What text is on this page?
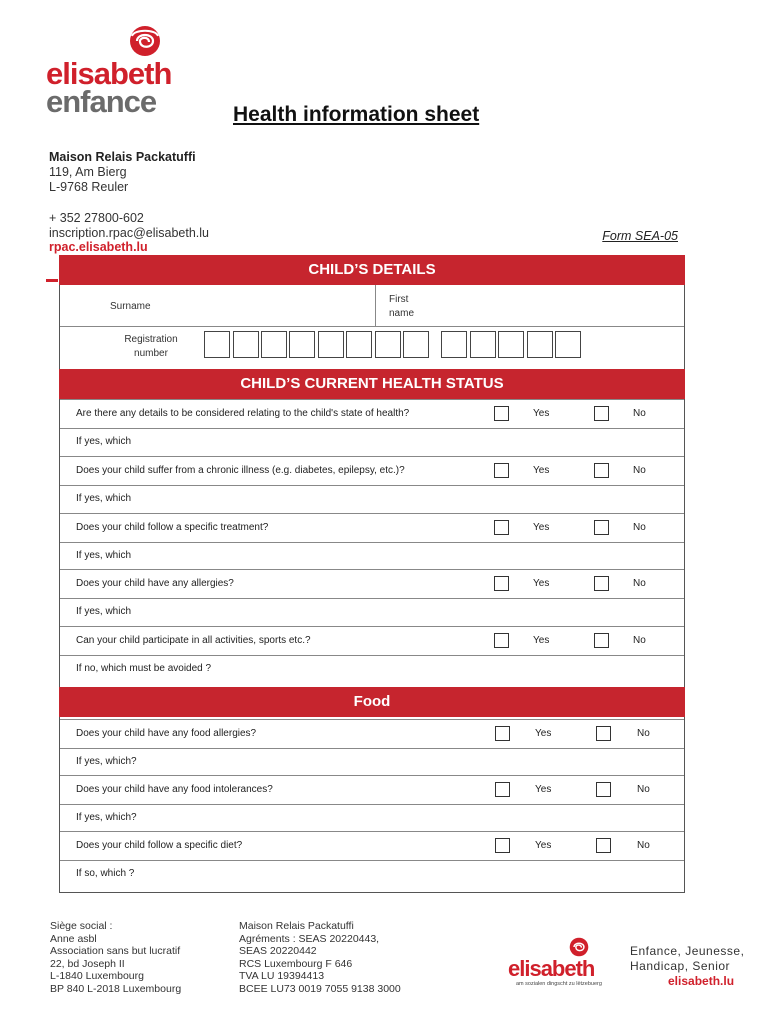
elisabeth
enfance	Health information sheet
Maison Relais Packatuffi
119, Am Bierg
L-9768 Reuler
+ 352 27800-602
inscription.rpac@elisabeth.lu
rpac.elisabeth.lu
Form SEA-05
CHILD’S DETAILS
Surname
First name
Registration number
CHILD’S CURRENT HEALTH STATUS
Are there any details to be considered relating to the child's state of health?	Yes	No
If yes, which
Does your child suffer from a chronic illness (e.g. diabetes, epilepsy, etc.)?	Yes	No
If yes, which
Does your child follow a specific treatment?	Yes	No
If yes, which
Does your child have any allergies?	Yes	No
If yes, which
Can your child participate in all activities, sports etc.?	Yes	No
If no, which must be avoided ?
Food
Does your child have any food allergies?	Yes	No
If yes, which?
Does your child have any food intolerances?	Yes	No
If yes, which?
Does your child follow a specific diet?	Yes	No
If so, which ?
Siège social :
Anne asbl
Association sans but lucratif
22, bd Joseph II
L-1840 Luxembourg
BP 840 L-2018 Luxembourg
Maison Relais Packatuffi
Agréments : SEAS 20220443,
SEAS 20220442
RCS Luxembourg F 646
TVA LU 19394413
BCEE LU73 0019 7055 9138 3000
elisabeth
am sozialen dingscht zu lëtzebuerg
Enfance, Jeunesse,
Handicap, Senior
elisabeth.lu
